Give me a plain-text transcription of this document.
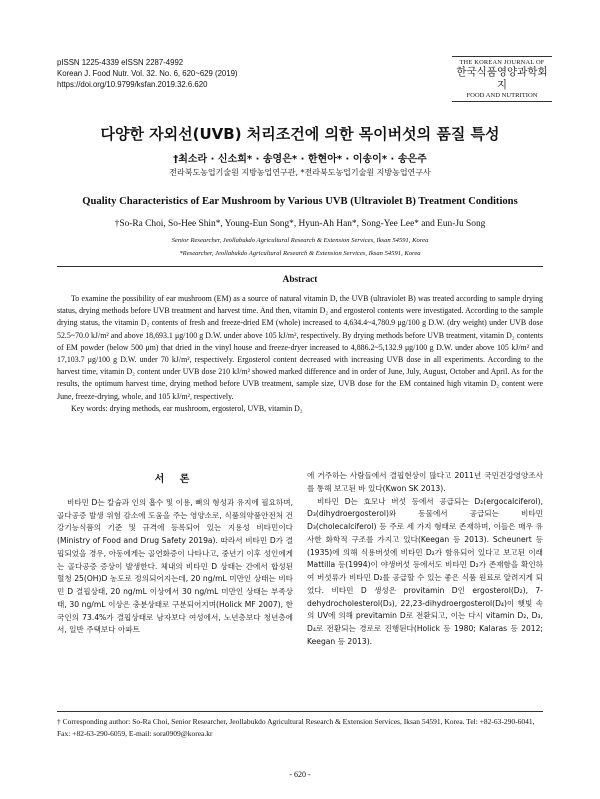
pISSN 1225-4339 eISSN 2287-4992
Korean J. Food Nutr. Vol. 32. No. 6, 620~629 (2019)
https://doi.org/10.9799/ksfan.2019.32.6.620
THE KOREAN JOURNAL OF
한국식품영양과학회지
FOOD AND NUTRITION
다양한 자외선(UVB) 처리조건에 의한 목이버섯의 품질 특성
†최소라 · 신소희* · 송영은* · 한현아* · 이송이* · 송은주
전라북도농업기술원 지방농업연구관, *전라북도농업기술원 지방농업연구사
Quality Characteristics of Ear Mushroom by Various UVB (Ultraviolet B) Treatment Conditions
†So-Ra Choi, So-Hee Shin*, Young-Eun Song*, Hyun-Ah Han*, Song-Yee Lee* and Eun-Ju Song
Senior Researcher, Jeollabukdo Agricultural Research & Extension Services, Iksan 54591, Korea
*Researcher, Jeollabukdo Agricultural Research & Extension Services, Iksan 54591, Korea
Abstract

To examine the possibility of ear mushroom (EM) as a source of natural vitamin D, the UVB (ultraviolet B) was treated according to sample drying status, drying methods before UVB treatment and harvest time. And then, vitamin D₂ and ergosterol contents were investigated. According to the sample drying status, the vitamin D₂ contents of fresh and freeze-dried EM (whole) increased to 4,634.4~4,780.9 μg/100 g D.W. (dry weight) under UVB dose 52.5~70.0 kJ/m² and above 18,693.1 μg/100 g D.W. under above 105 kJ/m², respectively. By drying methods before UVB treatment, vitamin D₂ contents of EM powder (below 500 μm) that dried in the vinyl house and freeze-dryer increased to 4,886.2~5,132.9 μg/100 g D.W. under above 105 kJ/m² and 17,103.7 μg/100 g D.W. under 70 kJ/m², respectively. Ergosterol content decreased with increasing UVB dose in all experiments. According to the harvest time, vitamin D₂ content under UVB dose 210 kJ/m² showed marked difference and in order of June, July, August, October and April. As for the results, the optimum harvest time, drying method before UVB treatment, sample size, UVB dose for the EM contained high vitamin D₂ content were June, freeze-drying, whole, and 105 kJ/m², respectively.

Key words: drying methods, ear mushroom, ergosterol, UVB, vitamin D₂

서 론

비타민 D는 칼슘과 인의 흡수 및 이용, 뼈의 형성과 유지에 필요하며, 골다공증 발생 위험 감소에 도움을 주는 영양소로, 식품의약품안전처 건강기능식품의 기준 및 규격에 등록되어 있는 지용성 비타민이다(Ministry of Food and Drug Safety 2019a). 따라서 비타민 D가 결핍되었을 경우, 아동에게는 골연화증이 나타나고, 중년기 이후 성인에게는 골다공증 증상이 발생한다. 체내의 비타민 D 상태는 간에서 합성된 혈청 25(OH)D 농도로 정의되어지는데, 20 ng/mL 미만인 상태는 비타민 D 결핍상태, 20 ng/mL 이상에서 30 ng/mL 미만인 상태는 부족상태, 30 ng/mL 이상은 충분상태로 구분되어지며(Holick MF 2007), 한국인의 73.4%가 결핍상태로 남자보다 여성에서, 노년층보다 청년층에서, 일반 주택보다 아파트

에 거주하는 사람들에서 결핍현상이 많다고 2011년 국민건강영양조사를 통해 보고된 바 있다(Kwon SK 2013).

비타민 D는 효모나 버섯 등에서 공급되는 D₂(ergocalciferol), D₃(dihydroergosterol)와 동물에서 공급되는 비타민 D₃(cholecalciferol) 등 주로 세 가지 형태로 존재하며, 이들은 매우 유사한 화학적 구조를 가지고 있다(Keegan 등 2013). Scheunert 등(1935)에 의해 식용버섯에 비타민 D₂가 함유되어 있다고 보고된 이래 Mattilla 등(1994)이 야생버섯 등에서도 비타민 D₂가 존재함을 확인하여 버섯류가 비타민 D₂를 공급할 수 있는 좋은 식품 원료로 알려지게 되었다. 비타민 D 생성은 provitamin D인 ergosterol(D₂), 7-dehydrocholesterol(D₃), 22,23-dihydroergosterol(D₄)이 햇빛 속의 UV에 의해 previtamin D로 전환되고, 이는 다시 vitamin D₂, D₃, D₄로 전환되는 경로로 진행된다(Holick 등 1980; Kalaras 등 2012; Keegan 등 2013).

† Corresponding author: So-Ra Choi, Senior Researcher, Jeollabukdo Agricultural Research & Extension Services, Iksan 54591, Korea. Tel: +82-63-290-6041, Fax: +82-63-290-6059, E-mail: sora0909@korea.kr
- 620 -
